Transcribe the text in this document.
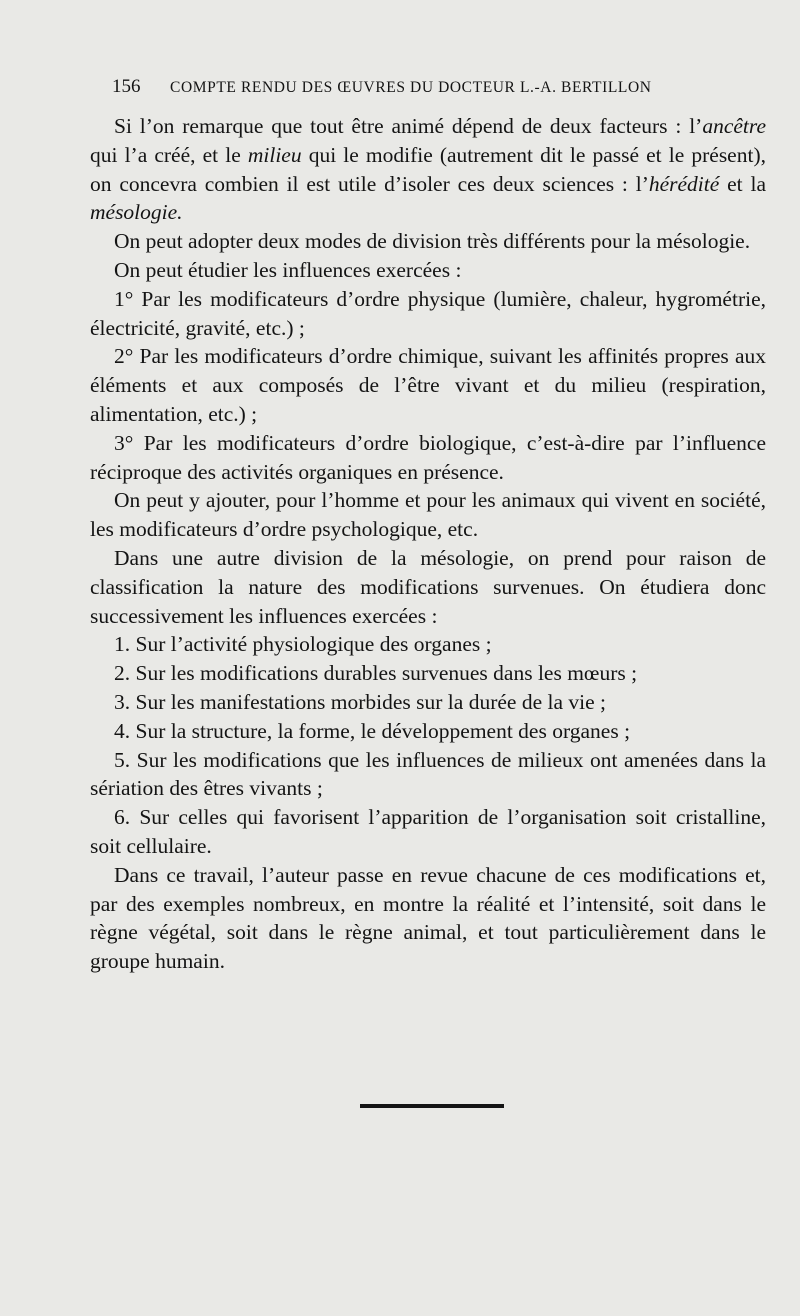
156 COMPTE RENDU DES ŒUVRES DU DOCTEUR L.-A. BERTILLON

Si l’on remarque que tout être animé dépend de deux facteurs : l’ancêtre qui l’a créé, et le milieu qui le modifie (autrement dit le passé et le présent), on concevra combien il est utile d’isoler ces deux sciences : l’hérédité et la mésologie.

On peut adopter deux modes de division très différents pour la mésologie.

On peut étudier les influences exercées :

1° Par les modificateurs d’ordre physique (lumière, chaleur, hygrométrie, électricité, gravité, etc.) ;

2° Par les modificateurs d’ordre chimique, suivant les affinités propres aux éléments et aux composés de l’être vivant et du milieu (respiration, alimentation, etc.) ;

3° Par les modificateurs d’ordre biologique, c’est-à-dire par l’influence réciproque des activités organiques en présence.

On peut y ajouter, pour l’homme et pour les animaux qui vivent en société, les modificateurs d’ordre psychologique, etc.

Dans une autre division de la mésologie, on prend pour raison de classification la nature des modifications survenues. On étudiera donc successivement les influences exercées :

1. Sur l’activité physiologique des organes ;

2. Sur les modifications durables survenues dans les mœurs ;

3. Sur les manifestations morbides sur la durée de la vie ;

4. Sur la structure, la forme, le développement des organes ;

5. Sur les modifications que les influences de milieux ont amenées dans la sériation des êtres vivants ;

6. Sur celles qui favorisent l’apparition de l’organisation soit cristalline, soit cellulaire.

Dans ce travail, l’auteur passe en revue chacune de ces modifications et, par des exemples nombreux, en montre la réalité et l’intensité, soit dans le règne végétal, soit dans le règne animal, et tout particulièrement dans le groupe humain.
